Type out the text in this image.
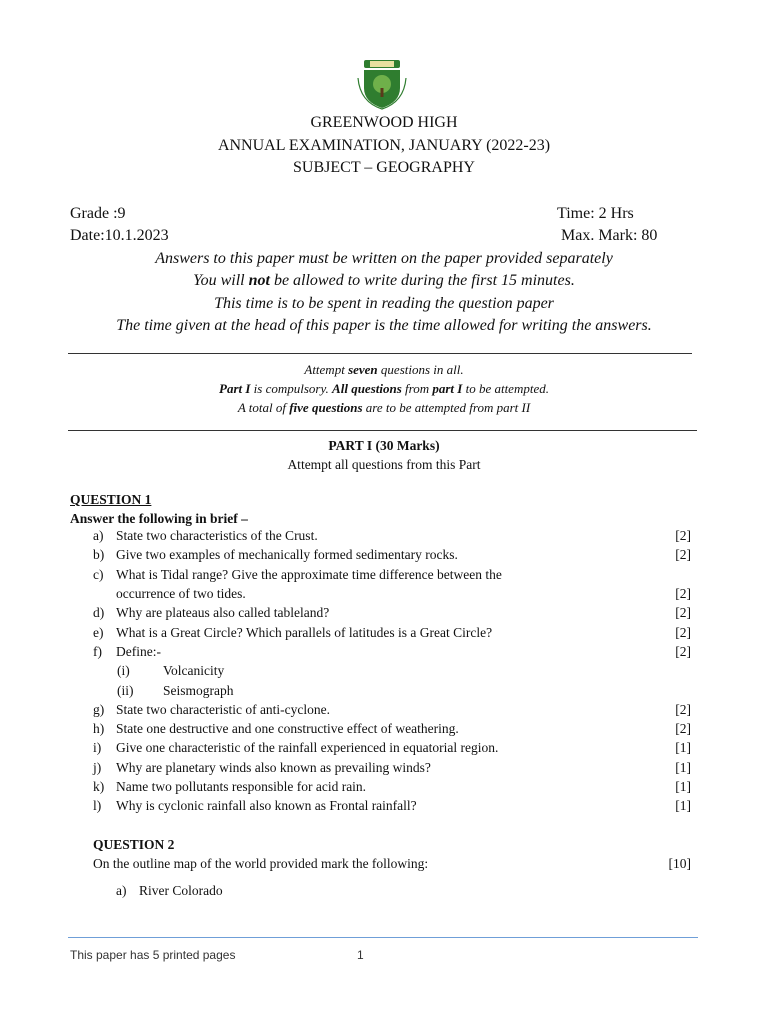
GREENWOOD HIGH
ANNUAL EXAMINATION, JANUARY (2022-23)
SUBJECT – GEOGRAPHY
Grade :9	Time: 2 Hrs
Date:10.1.2023	Max. Mark: 80
Answers to this paper must be written on the paper provided separately
You will not be allowed to write during the first 15 minutes.
This time is to be spent in reading the question paper
The time given at the head of this paper is the time allowed for writing the answers.
Attempt seven questions in all.
Part I is compulsory. All questions from part I to be attempted.
A total of five questions are to be attempted from part II
PART I (30 Marks)
Attempt all questions from this Part
QUESTION 1
Answer the following in brief –
a) State two characteristics of the Crust.	[2]
b) Give two examples of mechanically formed sedimentary rocks.	[2]
c) What is Tidal range? Give the approximate time difference between the
occurrence of two tides.	[2]
d) Why are plateaus also called tableland?	[2]
e) What is a Great Circle? Which parallels of latitudes is a Great Circle?	[2]
f) Define:-	[2]
(i) Volcanicity
(ii) Seismograph
g) State two characteristic of anti-cyclone.	[2]
h) State one destructive and one constructive effect of weathering.	[2]
i) Give one characteristic of the rainfall experienced in equatorial region.	[1]
j) Why are planetary winds also known as prevailing winds?	[1]
k) Name two pollutants responsible for acid rain.	[1]
l) Why is cyclonic rainfall also known as Frontal rainfall?	[1]
QUESTION 2
On the outline map of the world provided mark the following:	[10]
a) River Colorado
This paper has 5 printed pages	1
